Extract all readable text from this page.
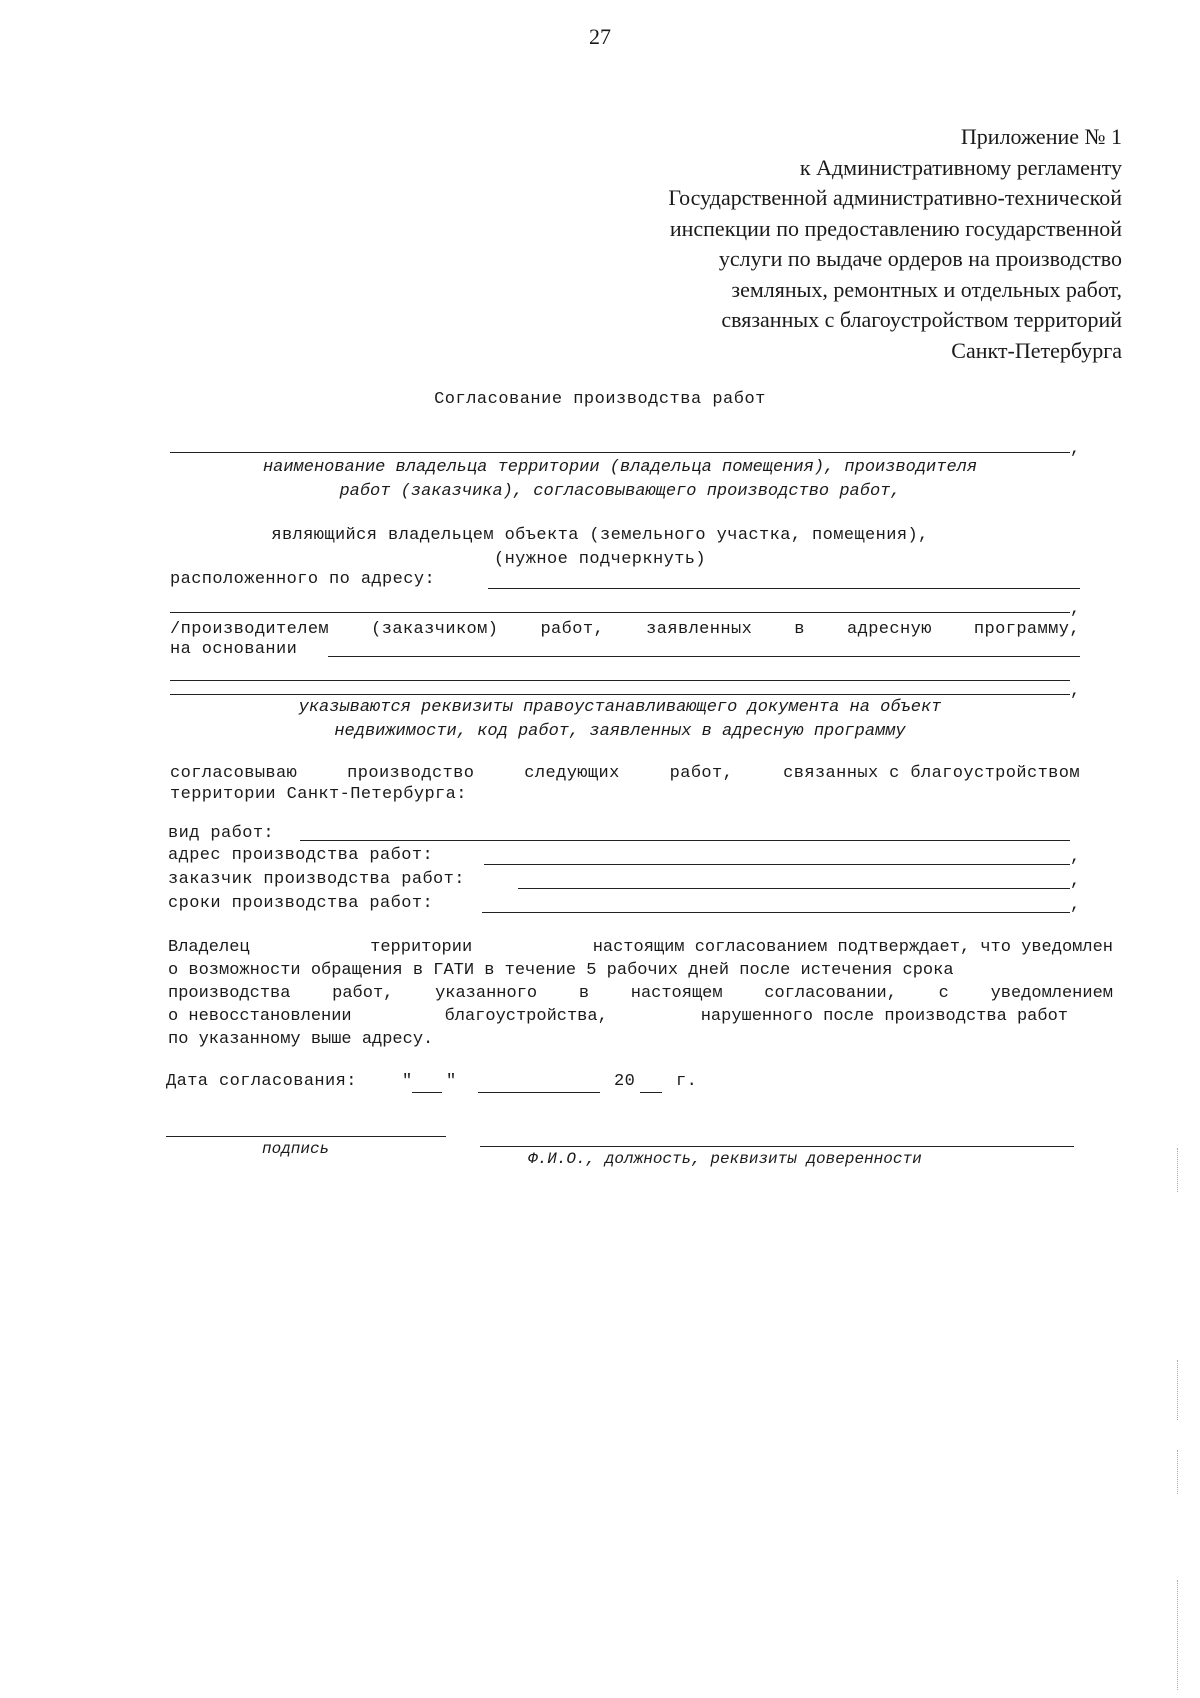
27
Приложение № 1
к Административному регламенту
Государственной административно-технической
инспекции по предоставлению государственной
услуги по выдаче ордеров на производство
земляных, ремонтных и отдельных работ,
связанных с благоустройством территорий
Санкт-Петербурга
Согласование производства работ
,
наименование владельца территории (владельца помещения), производителя
работ (заказчика), согласовывающего производство работ,
являющийся владельцем объекта (земельного участка, помещения),
(нужное подчеркнуть)
расположенного по адресу:
,
/производителем (заказчиком) работ, заявленных в адресную программу,
на основании
,
указываются реквизиты правоустанавливающего документа на объект
недвижимости, код работ, заявленных в адресную программу
согласовываю	производство	следующих	работ,	связанных с благоустройством
территории Санкт-Петербурга:
вид работ:
адрес производства работ:	,
заказчик производства работ:	,
сроки производства работ:	,
Владелец	территории	настоящим согласованием подтверждает, что уведомлен
о возможности обращения в ГАТИ в течение 5 рабочих дней после истечения срока
производства работ, указанного в настоящем согласовании, с уведомлением
о невосстановлении	благоустройства,	нарушенного после производства работ
по указанному выше адресу.
Дата согласования:	" "	20 г.
подпись
Ф.И.О., должность, реквизиты доверенности
